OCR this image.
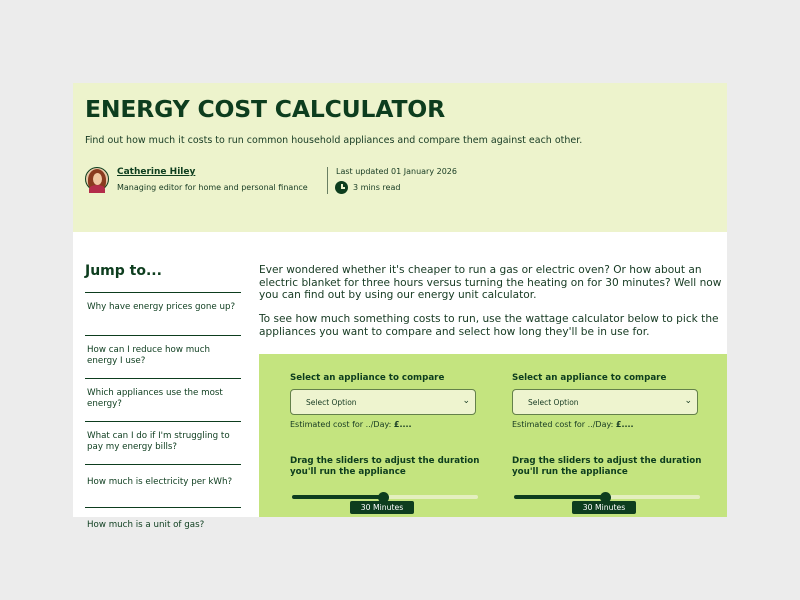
ENERGY COST CALCULATOR

Find out how much it costs to run common household appliances and compare them against each other.

Catherine Hiley
Managing editor for home and personal finance
Last updated 01 January 2026
3 mins read
Jump to...
Why have energy prices gone up?
How can I reduce how much energy I use?
Which appliances use the most energy?
What can I do if I'm struggling to pay my energy bills?
How much is electricity per kWh?
How much is a unit of gas?

Ever wondered whether it's cheaper to run a gas or electric oven? Or how about an electric blanket for three hours versus turning the heating on for 30 minutes? Well now you can find out by using our energy unit calculator.

To see how much something costs to run, use the wattage calculator below to pick the appliances you want to compare and select how long they'll be in use for.

Select an appliance to compare
Select Option	⌄
Estimated cost for ../Day: £....
Drag the sliders to adjust the duration you'll run the appliance
30 Minutes
Select an appliance to compare
Select Option	⌄
Estimated cost for ../Day: £....
Drag the sliders to adjust the duration you'll run the appliance
30 Minutes
